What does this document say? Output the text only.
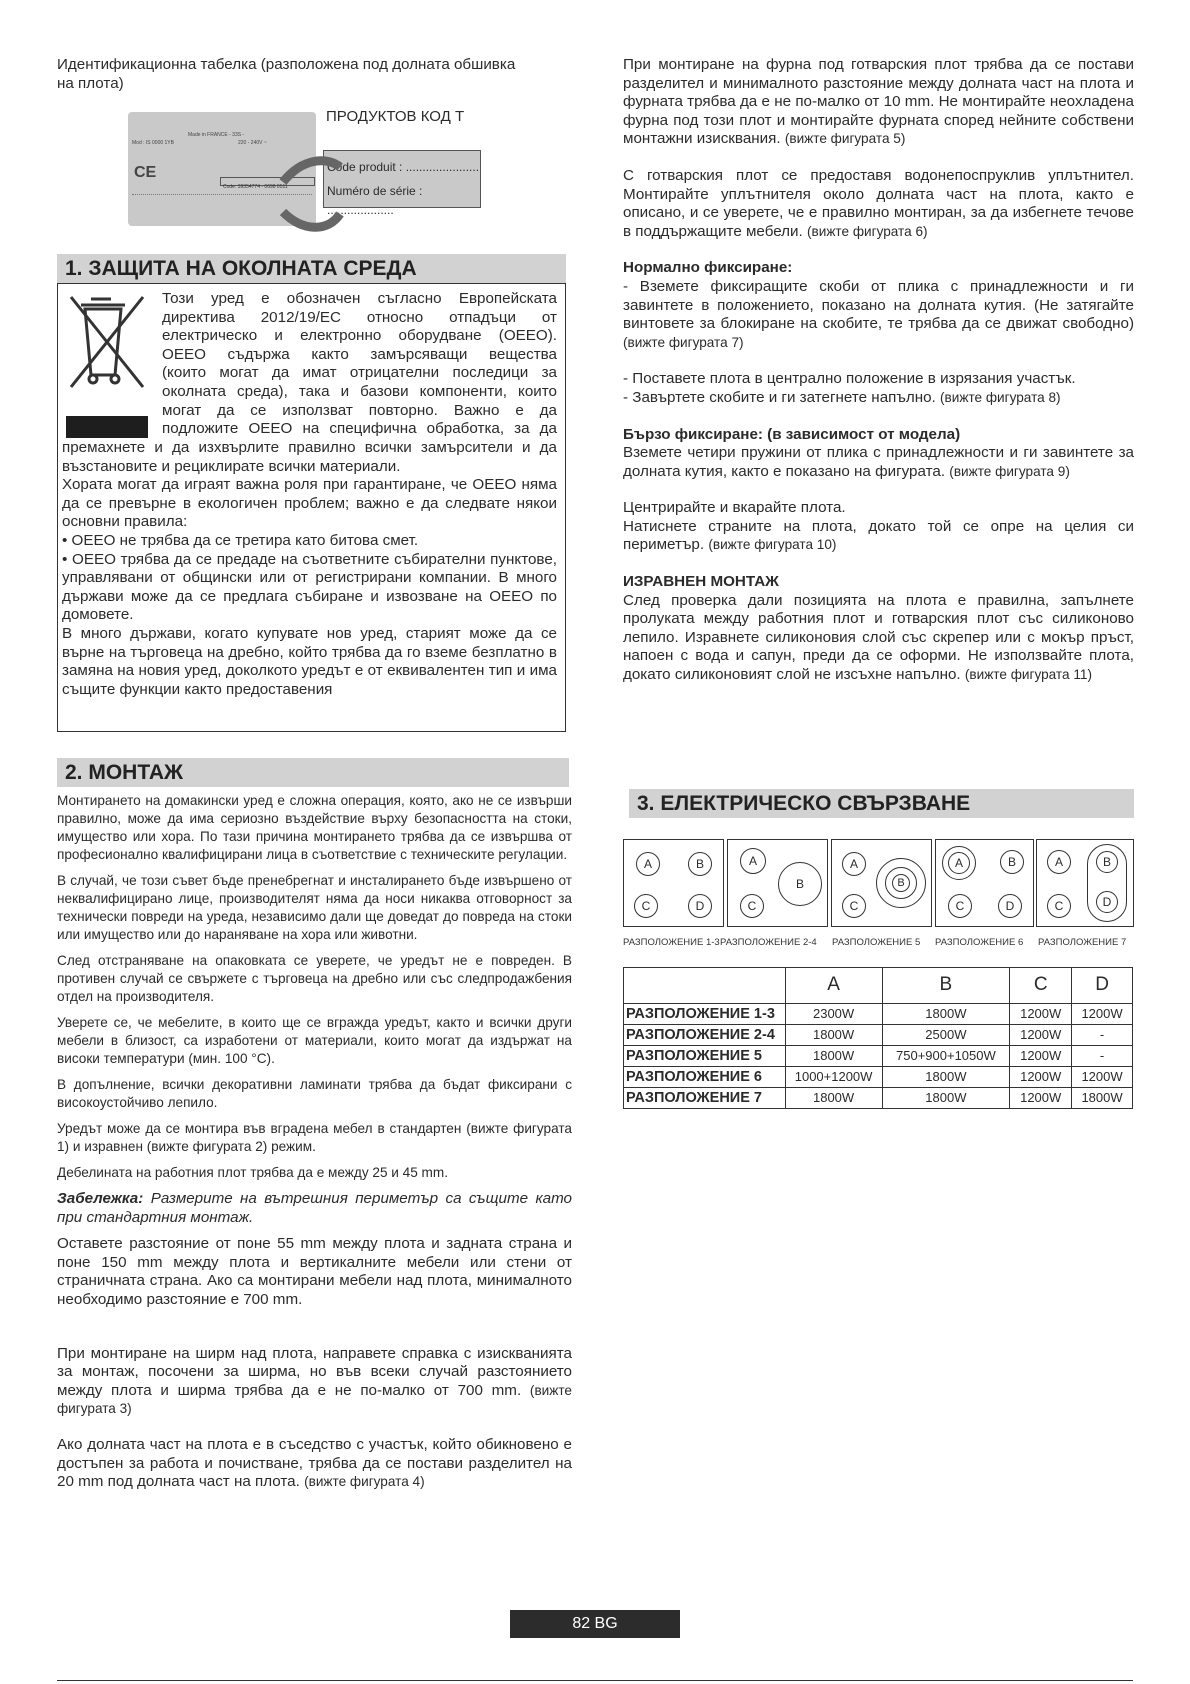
Идентификационна табелка (разположена под долната обшивка на плота)
Made in FRANCE - 33S -
Mod : IS 0000 1YB	220 - 240V ~
CE
Code: 39354774 - 0698 0511
ПРОДУКТОВ КОД Т
Code produit : ......................
Numéro de série : ....................
1. ЗАЩИТА НА ОКОЛНАТА СРЕДА

Този уред е обозначен съгласно Европейската

директива 2012/19/EC относно отпадъци от

електрическо и електронно оборудване (ОЕЕО).

ОЕЕО съдържа както замърсяващи вещества

(които могат да имат отрицателни последици за

околната среда), така и базови компоненти, които

могат да се използват повторно. Важно е да

подложите ОЕЕО на специфична обработка, за да

премахнете и да изхвърлите правилно всички замърсители и да възстановите и рециклирате всички материали.

Хората могат да играят важна роля при гарантиране, че ОЕЕО няма да се превърне в екологичен проблем; важно е да следвате някои основни правила:

• ОЕЕО не трябва да се третира като битова смет.

• ОЕЕО трябва да се предаде на съответните събирателни пунктове, управлявани от общински или от регистрирани компании. В много държави може да се предлага събиране и извозване на ОЕЕО по домовете.

В много държави, когато купувате нов уред, старият може да се върне на търговеца на дребно, който трябва да го вземе безплатно в замяна на новия уред, доколкото уредът е от еквивалентен тип и има същите функции както предоставения

2. МОНТАЖ

Монтирането на домакински уред е сложна операция, която, ако не се извърши правилно, може да има сериозно въздействие върху безопасността на стоки, имущество или хора. По тази причина монтирането трябва да се извършва от професионално квалифицирани лица в съответствие с техническите регулации.

В случай, че този съвет бъде пренебрегнат и инсталирането бъде извършено от неквалифицирано лице, производителят няма да носи никаква отговорност за технически повреди на уреда, независимо дали ще доведат до повреда на стоки или имущество или до нараняване на хора или животни.

След отстраняване на опаковката се уверете, че уредът не е повреден. В противен случай се свържете с търговеца на дребно или със следпродажбения отдел на производителя.

Уверете се, че мебелите, в които ще се вгражда уредът, както и всички други мебели в близост, са изработени от материали, които могат да издържат на високи температури (мин. 100 °C).

В допълнение, всички декоративни ламинати трябва да бъдат фиксирани с високоустойчиво лепило.

Уредът може да се монтира във вградена мебел в стандартен (вижте фигурата 1) и изравнен (вижте фигурата 2) режим.

Дебелината на работния плот трябва да е между 25 и 45 mm.

Забележка: Размерите на вътрешния периметър са същите като при стандартния монтаж.

Оставете разстояние от поне 55 mm между плота и задната страна и поне 150 mm между плота и вертикалните мебели или стени от страничната страна. Ако са монтирани мебели над плота, минималното необходимо разстояние е 700 mm.

При монтиране на ширм над плота, направете справка с изискванията за монтаж, посочени за ширма, но във всеки случай разстоянието между плота и ширма трябва да е не по-малко от 700 mm. (вижте фигурата 3)

Ако долната част на плота е в съседство с участък, който обикновено е достъпен за работа и почистване, трябва да се постави разделител на 20 mm под долната част на плота. (вижте фигурата 4)

При монтиране на фурна под готварския плот трябва да се постави разделител и минималното разстояние между долната част на плота и фурната трябва да е не по-малко от 10 mm. Не монтирайте неохладена фурна под този плот и монтирайте фурната според нейните собствени монтажни изисквания. (вижте фигурата 5)

С готварския плот се предоставя водонепоспруклив уплътнител. Монтирайте уплътнителя около долната част на плота, както е описано, и се уверете, че е правилно монтиран, за да избегнете течове в поддържащите мебели. (вижте фигурата 6)

Нормално фиксиране:

- Вземете фиксиращите скоби от плика с принадлежности и ги завинтете в положението, показано на долната кутия. (Не затягайте винтовете за блокиране на скобите, те трябва да се движат свободно) (вижте фигурата 7)

- Поставете плота в централно положение в изрязания участък.

- Завъртете скобите и ги затегнете напълно. (вижте фигурата 8)

Бързо фиксиране: (в зависимост от модела)

Вземете четири пружини от плика с принадлежности и ги завинтете за долната кутия, както е показано на фигурата. (вижте фигурата 9)

Центрирайте и вкарайте плота.

Натиснете страните на плота, докато той се опре на целия си периметър. (вижте фигурата 10)

ИЗРАВНЕН МОНТАЖ

След проверка дали позицията на плота е правилна, запълнете пролуката между работния плот и готварския плот със силиконово лепило. Изравнете силиконовия слой със скрепер или с мокър пръст, напоен с вода и сапун, преди да се оформи. Не използвайте плота, докато силиконовият слой не изсъхне напълно. (вижте фигурата 11)

3. ЕЛЕКТРИЧЕСКО СВЪРЗВАНЕ
A	B
C	D
A
B
C
A
B
C
A	B
C	D
A	B
D
C
РАЗПОЛОЖЕНИЕ 1-3 РАЗПОЛОЖЕНИЕ 2-4 РАЗПОЛОЖЕНИЕ 5 РАЗПОЛОЖЕНИЕ 6 РАЗПОЛОЖЕНИЕ 7
	A	B	C	D
РАЗПОЛОЖЕНИЕ 1-3	2300W	1800W	1200W	1200W
РАЗПОЛОЖЕНИЕ 2-4	1800W	2500W	1200W	-
РАЗПОЛОЖЕНИЕ 5	1800W	750+900+1050W	1200W	-
РАЗПОЛОЖЕНИЕ 6	1000+1200W	1800W	1200W	1200W
РАЗПОЛОЖЕНИЕ 7	1800W	1800W	1200W	1800W
82 BG
